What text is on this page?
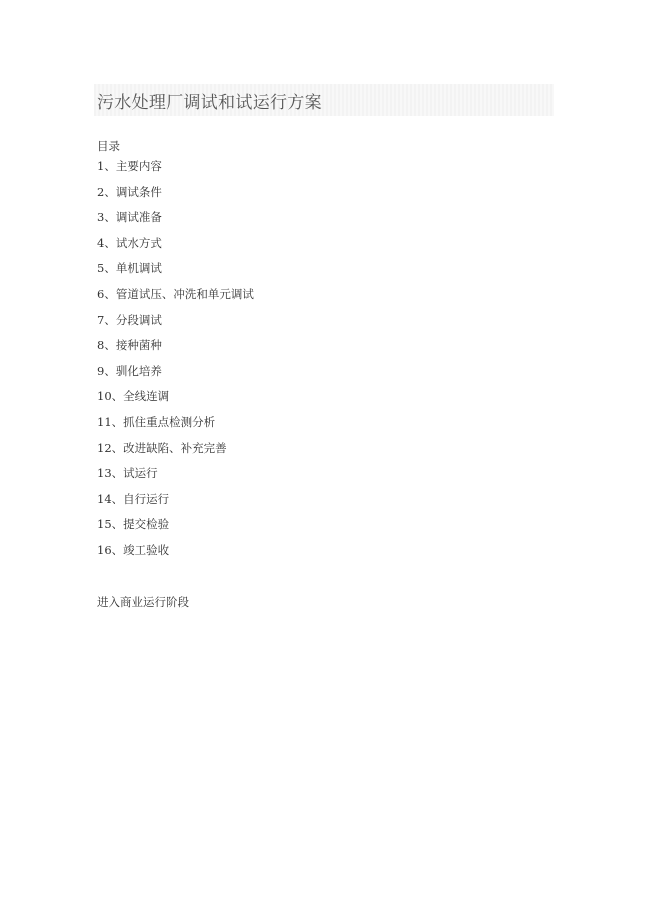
污水处理厂调试和试运行方案

目录

1、主要内容
2、调试条件
3、调试准备
4、试水方式
5、单机调试
6、管道试压、冲洗和单元调试
7、分段调试
8、接种菌种
9、驯化培养
10、全线连调
11、抓住重点检测分析
12、改进缺陷、补充完善
13、试运行
14、自行运行
15、提交检验
16、竣工验收

进入商业运行阶段
